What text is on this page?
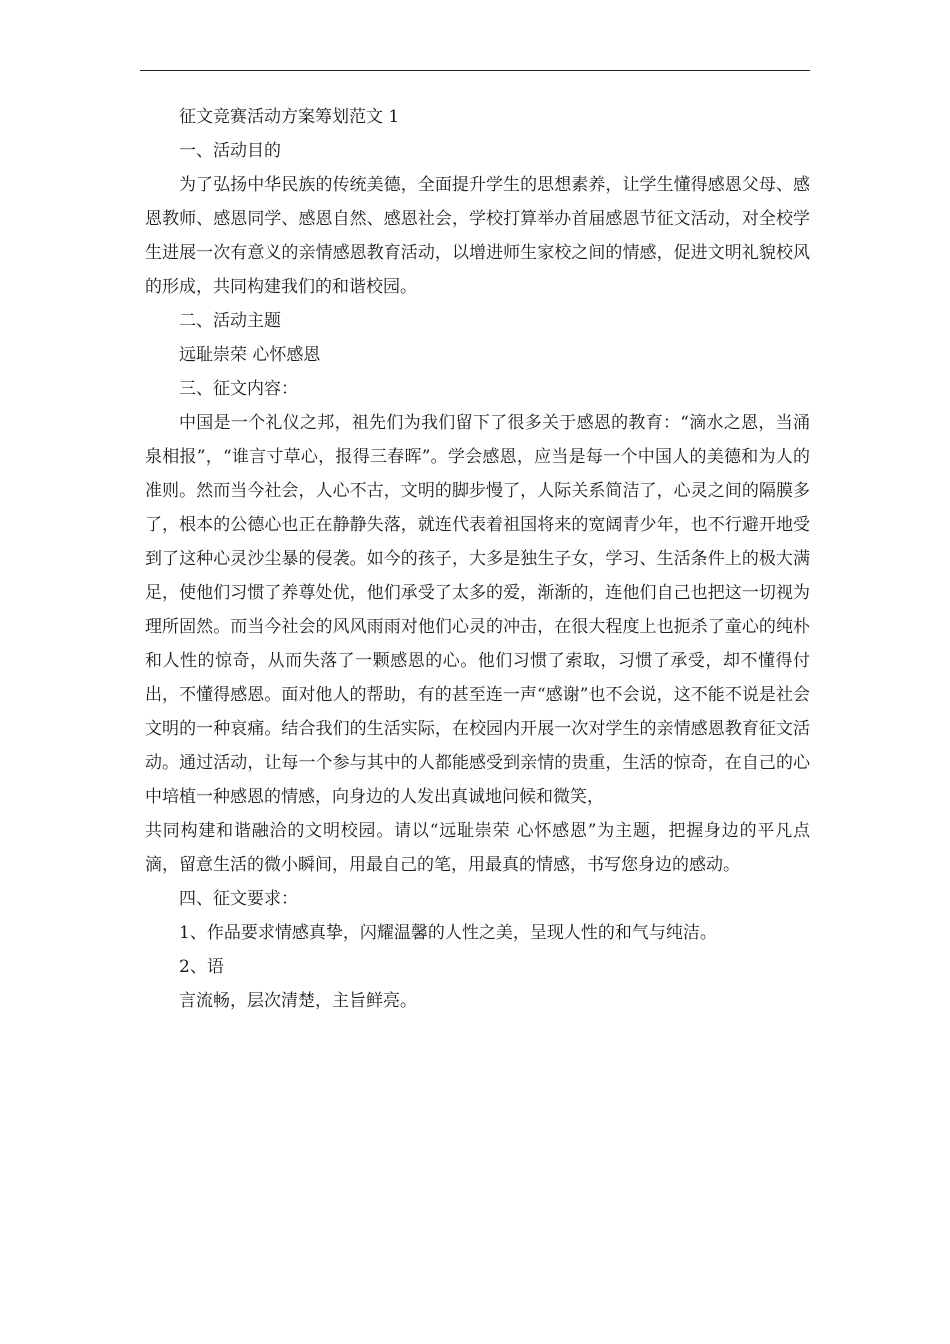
征文竞赛活动方案筹划范文 1

一、活动目的

为了弘扬中华民族的传统美德，全面提升学生的思想素养，让学生懂得感恩父母、感恩教师、感恩同学、感恩自然、感恩社会，学校打算举办首届感恩节征文活动，对全校学生进展一次有意义的亲情感恩教育活动，以增进师生家校之间的情感，促进文明礼貌校风的形成，共同构建我们的和谐校园。

二、活动主题

远耻崇荣 心怀感恩

三、征文内容：

中国是一个礼仪之邦，祖先们为我们留下了很多关于感恩的教育：“滴水之恩，当涌泉相报”，“谁言寸草心，报得三春晖”。学会感恩，应当是每一个中国人的美德和为人的准则。然而当今社会，人心不古，文明的脚步慢了，人际关系简洁了，心灵之间的隔膜多了，根本的公德心也正在静静失落，就连代表着祖国将来的宽阔青少年，也不行避开地受到了这种心灵沙尘暴的侵袭。如今的孩子，大多是独生子女，学习、生活条件上的极大满足，使他们习惯了养尊处优，他们承受了太多的爱，渐渐的，连他们自己也把这一切视为理所固然。而当今社会的风风雨雨对他们心灵的冲击，在很大程度上也扼杀了童心的纯朴和人性的惊奇，从而失落了一颗感恩的心。他们习惯了索取，习惯了承受，却不懂得付出，不懂得感恩。面对他人的帮助，有的甚至连一声“感谢”也不会说，这不能不说是社会文明的一种哀痛。结合我们的生活实际，在校园内开展一次对学生的亲情感恩教育征文活动。通过活动，让每一个参与其中的人都能感受到亲情的贵重，生活的惊奇，在自己的心中培植一种感恩的情感，向身边的人发出真诚地问候和微笑，

共同构建和谐融洽的文明校园。请以“远耻崇荣 心怀感恩”为主题，把握身边的平凡点滴，留意生活的微小瞬间，用最自己的笔，用最真的情感，书写您身边的感动。

四、征文要求：

1、作品要求情感真挚，闪耀温馨的人性之美，呈现人性的和气与纯洁。

2、语

言流畅，层次清楚，主旨鲜亮。
